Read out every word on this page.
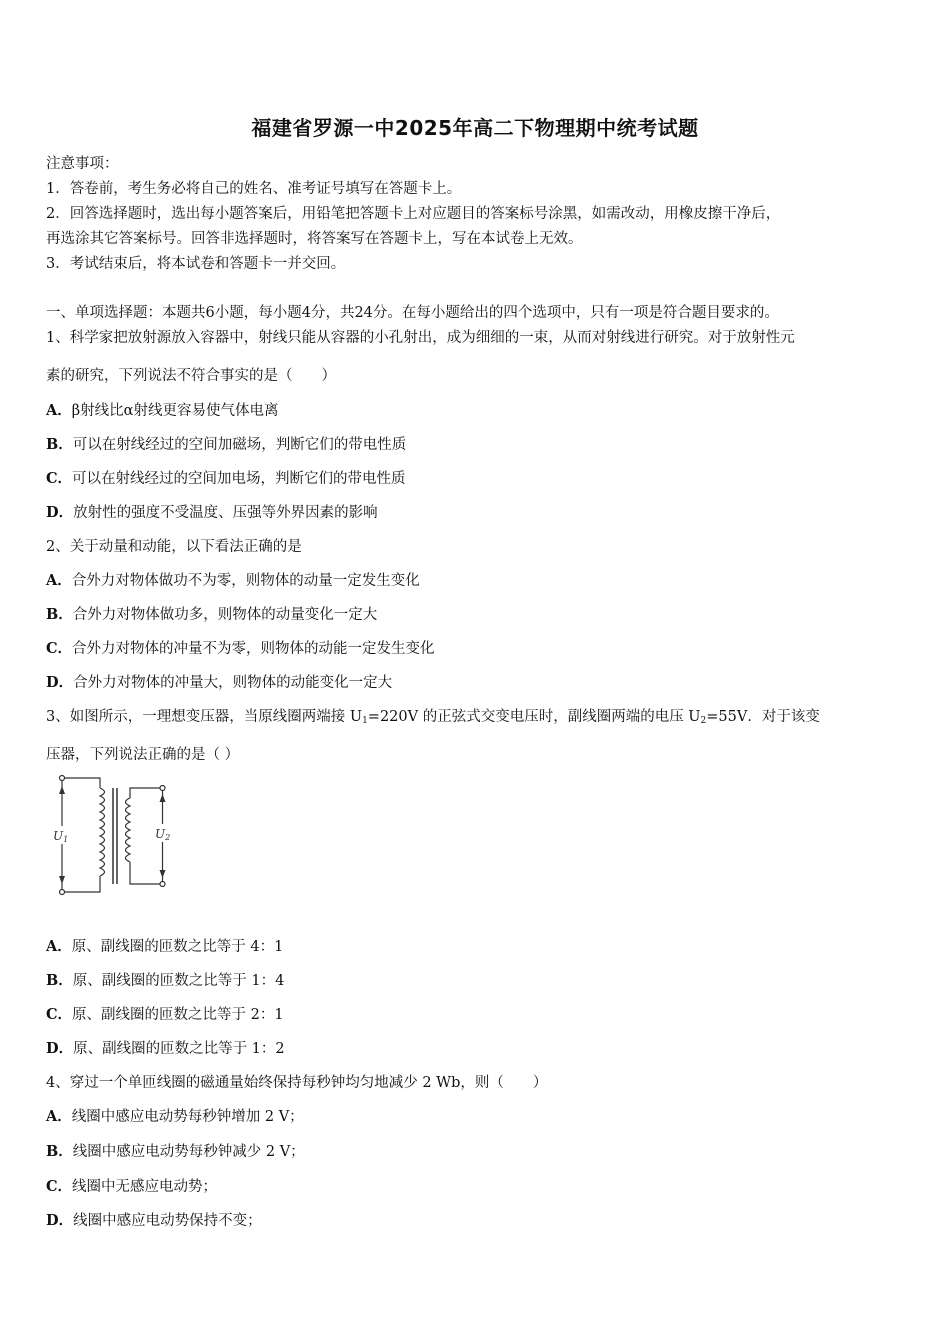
福建省罗源一中2025年高二下物理期中统考试题
注意事项：
1．答卷前，考生务必将自己的姓名、准考证号填写在答题卡上。
2．回答选择题时，选出每小题答案后，用铅笔把答题卡上对应题目的答案标号涂黑，如需改动，用橡皮擦干净后，
再选涂其它答案标号。回答非选择题时，将答案写在答题卡上，写在本试卷上无效。
3．考试结束后，将本试卷和答题卡一并交回。
一、单项选择题：本题共6小题，每小题4分，共24分。在每小题给出的四个选项中，只有一项是符合题目要求的。
1、科学家把放射源放入容器中，射线只能从容器的小孔射出，成为细细的一束，从而对射线进行研究。对于放射性元
素的研究，下列说法不符合事实的是（　　）
A．β射线比α射线更容易使气体电离
B．可以在射线经过的空间加磁场，判断它们的带电性质
C．可以在射线经过的空间加电场，判断它们的带电性质
D．放射性的强度不受温度、压强等外界因素的影响
2、关于动量和动能，以下看法正确的是
A．合外力对物体做功不为零，则物体的动量一定发生变化
B．合外力对物体做功多，则物体的动量变化一定大
C．合外力对物体的冲量不为零，则物体的动能一定发生变化
D．合外力对物体的冲量大，则物体的动能变化一定大
3、如图所示，一理想变压器，当原线圈两端接 $U_1=220V$ 的正弦式交变电压时，副线圈两端的电压 $U_2=55V$．对于该变
压器，下列说法正确的是（ ）
U1	U2
A．原、副线圈的匝数之比等于 4：1
B．原、副线圈的匝数之比等于 1：4
C．原、副线圈的匝数之比等于 2：1
D．原、副线圈的匝数之比等于 1：2
4、穿过一个单匝线圈的磁通量始终保持每秒钟均匀地减少 2 Wb，则（　　）
A．线圈中感应电动势每秒钟增加 2 V；
B．线圈中感应电动势每秒钟减少 2 V；
C．线圈中无感应电动势；
D．线圈中感应电动势保持不变；
